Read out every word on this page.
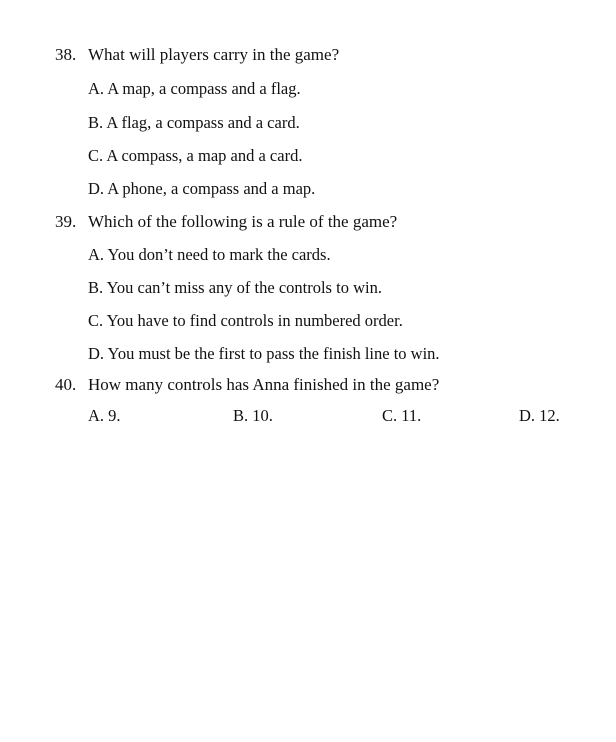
38. What will players carry in the game?
A. A map, a compass and a flag.
B. A flag, a compass and a card.
C. A compass, a map and a card.
D. A phone, a compass and a map.
39. Which of the following is a rule of the game?
A. You don’t need to mark the cards.
B. You can’t miss any of the controls to win.
C. You have to find controls in numbered order.
D. You must be the first to pass the finish line to win.
40. How many controls has Anna finished in the game?
A. 9.	B. 10.	C. 11.	D. 12.
